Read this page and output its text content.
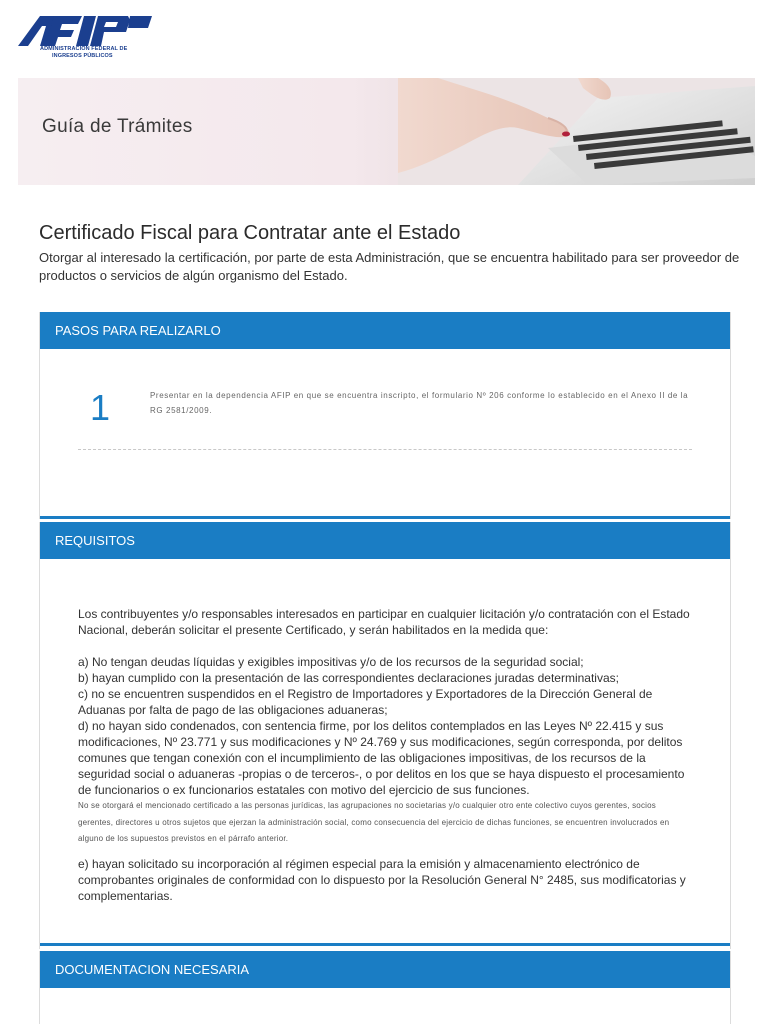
ADMINISTRACIÓN FEDERAL DE
INGRESOS PÚBLICOS
Guía de Trámites
Certificado Fiscal para Contratar ante el Estado
Otorgar al interesado la certificación, por parte de esta Administración, que se encuentra habilitado para ser proveedor de productos o servicios de algún organismo del Estado.
PASOS PARA REALIZARLO
1	Presentar en la dependencia AFIP en que se encuentra inscripto, el formulario Nº 206 conforme lo establecido en el Anexo II de la RG 2581/2009.
REQUISITOS

Los contribuyentes y/o responsables interesados en participar en cualquier licitación y/o contratación con el Estado Nacional, deberán solicitar el presente Certificado, y serán habilitados en la medida que:

a) No tengan deudas líquidas y exigibles impositivas y/o de los recursos de la seguridad social;

b) hayan cumplido con la presentación de las correspondientes declaraciones juradas determinativas;

c) no se encuentren suspendidos en el Registro de Importadores y Exportadores de la Dirección General de Aduanas por falta de pago de las obligaciones aduaneras;

d) no hayan sido condenados, con sentencia firme, por los delitos contemplados en las Leyes Nº 22.415 y sus modificaciones, Nº 23.771 y sus modificaciones y Nº 24.769 y sus modificaciones, según corresponda, por delitos comunes que tengan conexión con el incumplimiento de las obligaciones impositivas, de los recursos de la seguridad social o aduaneras -propias o de terceros-, o por delitos en los que se haya dispuesto el procesamiento de funcionarios o ex funcionarios estatales con motivo del ejercicio de sus funciones.

No se otorgará el mencionado certificado a las personas jurídicas, las agrupaciones no societarias y/o cualquier otro ente colectivo cuyos gerentes, socios gerentes, directores u otros sujetos que ejerzan la administración social, como consecuencia del ejercicio de dichas funciones, se encuentren involucrados en alguno de los supuestos previstos en el párrafo anterior.

e) hayan solicitado su incorporación al régimen especial para la emisión y almacenamiento electrónico de comprobantes originales de conformidad con lo dispuesto por la Resolución General N° 2485, sus modificatorias y complementarias.

DOCUMENTACION NECESARIA
